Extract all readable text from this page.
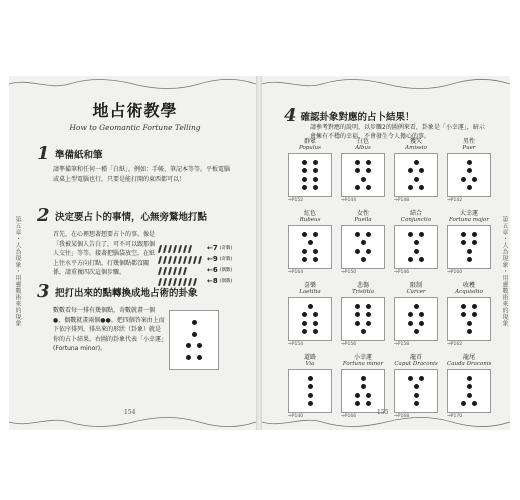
第五章・人為現象・用靈數術來的現象
地占術教學
How to Geomantic Fortune Telling
1 準備紙和筆
請準備筆和任何一種「白紙」，例如：手帳、筆記本等等。平板電腦或桌上型電腦也行，只要是能打開的東西都可以！
2 決定要占卜的事情，心無旁騖地打點
首先，在心裡想著想要占卜的事。像是「我被某個人告白了，可不可以跟那個人交往」等等。接著把腦袋放空，在紙上往水平方向打點，打幾個點都沒關係，請重複四次這個步驟。
← 7 (奇數)
← 9 (奇數)
← 6 (偶數)
← 8 (偶數)
3 把打出來的點轉換成地占術的卦象
數數看每一排有幾個點，奇數就畫一個●，偶數就畫兩個●●。把四個答案由上而下依序排列，排出來的形狀（卦象）就是你的占卜結果。右圖的卦象代表「小幸運」(Fortuna minor)。
154
第五章・人為現象・用靈數術來的現象
4 確認卦象對應的占卜結果！
請參考對應的說明，以步驟2的圖例來看，卦象是「小幸運」，暗示會擁有不穩的幸福，不會發生令人擔心的事。
群眾
Populus
⇒P152
白色
Albus
⇒P144
獲失
Amissio
⇒P148
男性
Puer
⇒P142
紅色
Rubeus
⇒P164
女性
Puella
⇒P150
結合
Conjunctio
⇒P146
大幸運
Fortuna major
⇒P160
喜樂
Laetitia
⇒P154
悲傷
Tristitia
⇒P156
限制
Carcer
⇒P158
收穫
Acquisitio
⇒P162
道路
Via
⇒P140
小幸運
Fortuna minor
⇒P166
龍首
Caput Draconis
⇒P168
龍尾
Cauda Draconis
⇒P170
155
